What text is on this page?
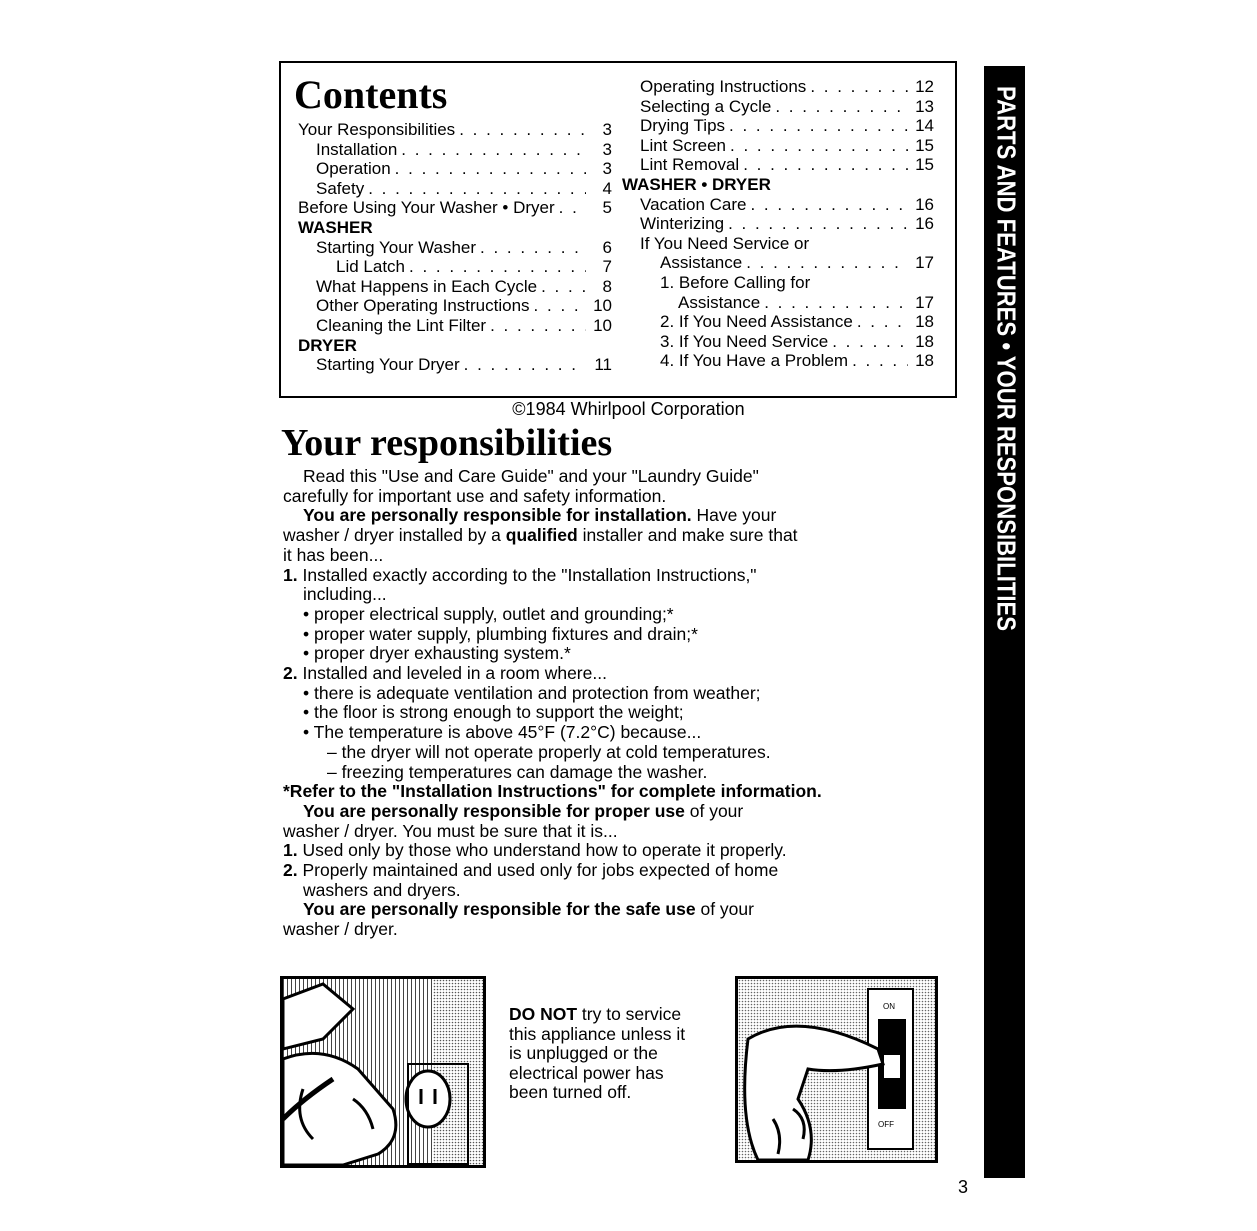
Contents
Your Responsibilities . . .	3
Installation . . .	3
Operation . . .	3
Safety . . .	4
Before Using Your Washer • Dryer . . .	5
WASHER
Starting Your Washer . . .	6
Lid Latch . . .	7
What Happens in Each Cycle . . .	8
Other Operating Instructions . . .	10
Cleaning the Lint Filter . . .	10
DRYER
Starting Your Dryer . . .	11
Operating Instructions . . .	12
Selecting a Cycle . . .	13
Drying Tips . . .	14
Lint Screen . . .	15
Lint Removal . . .	15
WASHER • DRYER
Vacation Care . . .	16
Winterizing . . .	16
If You Need Service or
Assistance . . .	17
1. Before Calling for
Assistance . . .	17
2. If You Need Assistance . . .	18
3. If You Need Service . . .	18
4. If You Have a Problem . . .	18
©1984 Whirlpool Corporation
Your responsibilities
Read this "Use and Care Guide" and your "Laundry Guide"
carefully for important use and safety information.
You are personally responsible for installation. Have your
washer / dryer installed by a qualified installer and make sure that
it has been...
1. Installed exactly according to the "Installation Instructions,"
including...
• proper electrical supply, outlet and grounding;*
• proper water supply, plumbing fixtures and drain;*
• proper dryer exhausting system.*
2. Installed and leveled in a room where...
• there is adequate ventilation and protection from weather;
• the floor is strong enough to support the weight;
• The temperature is above 45°F (7.2°C) because...
– the dryer will not operate properly at cold temperatures.
– freezing temperatures can damage the washer.
*Refer to the "Installation Instructions" for complete information.
You are personally responsible for proper use of your
washer / dryer. You must be sure that it is...
1. Used only by those who understand how to operate it properly.
2. Properly maintained and used only for jobs expected of home
washers and dryers.
You are personally responsible for the safe use of your
washer / dryer.
DO NOT try to service
this appliance unless it
is unplugged or the
electrical power has
been turned off.
ON
OFF
PARTS AND FEATURES • YOUR RESPONSIBILITIES
3
